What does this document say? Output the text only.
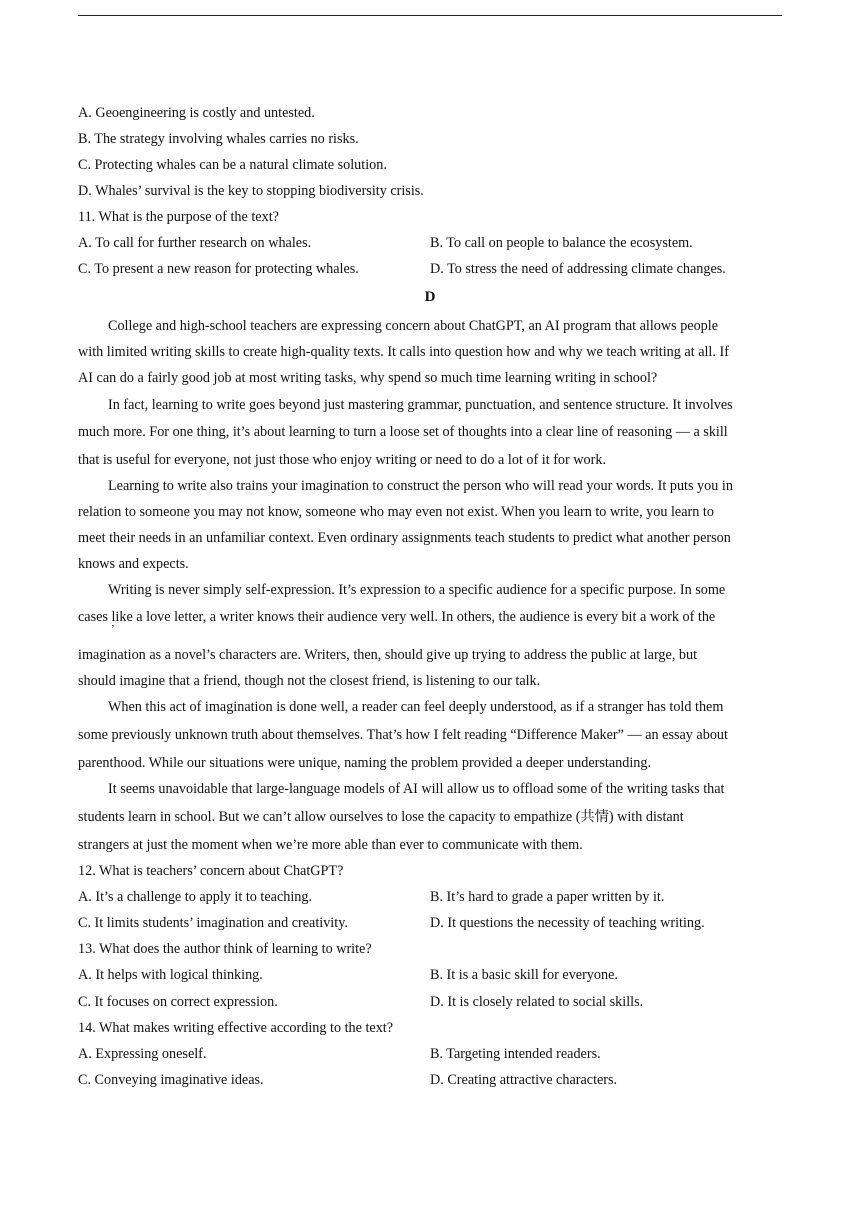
A. Geoengineering is costly and untested.
B. The strategy involving whales carries no risks.
C. Protecting whales can be a natural climate solution.
D. Whales’ survival is the key to stopping biodiversity crisis.
11. What is the purpose of the text?
A. To call for further research on whales.	B. To call on people to balance the ecosystem.
C. To present a new reason for protecting whales.	D. To stress the need of addressing climate changes.
D
College and high-school teachers are expressing concern about ChatGPT, an AI program that allows people
with limited writing skills to create high-quality texts. It calls into question how and why we teach writing at all. If
AI can do a fairly good job at most writing tasks, why spend so much time learning writing in school?
In fact, learning to write goes beyond just mastering grammar, punctuation, and sentence structure. It involves
much more. For one thing, it’s about learning to turn a loose set of thoughts into a clear line of reasoning — a skill
that is useful for everyone, not just those who enjoy writing or need to do a lot of it for work.
Learning to write also trains your imagination to construct the person who will read your words. It puts you in
relation to someone you may not know, someone who may even not exist. When you learn to write, you learn to
meet their needs in an unfamiliar context. Even ordinary assignments teach students to predict what another person
knows and expects.
Writing is never simply self-expression. It’s expression to a specific audience for a specific purpose. In some
cases like a love letter, a writer knows their audience very well. In others, the audience is every bit a work of the
’
imagination as a novel’s characters are. Writers, then, should give up trying to address the public at large, but
should imagine that a friend, though not the closest friend, is listening to our talk.
When this act of imagination is done well, a reader can feel deeply understood, as if a stranger has told them
some previously unknown truth about themselves. That’s how I felt reading “Difference Maker” — an essay about
parenthood. While our situations were unique, naming the problem provided a deeper understanding.
It seems unavoidable that large-language models of AI will allow us to offload some of the writing tasks that
students learn in school. But we can’t allow ourselves to lose the capacity to empathize (共情) with distant
strangers at just the moment when we’re more able than ever to communicate with them.
12. What is teachers’ concern about ChatGPT?
A. It’s a challenge to apply it to teaching.	B. It’s hard to grade a paper written by it.
C. It limits students’ imagination and creativity.	D. It questions the necessity of teaching writing.
13. What does the author think of learning to write?
A. It helps with logical thinking.	B. It is a basic skill for everyone.
C. It focuses on correct expression.	D. It is closely related to social skills.
14. What makes writing effective according to the text?
A. Expressing oneself.	B. Targeting intended readers.
C. Conveying imaginative ideas.	D. Creating attractive characters.
